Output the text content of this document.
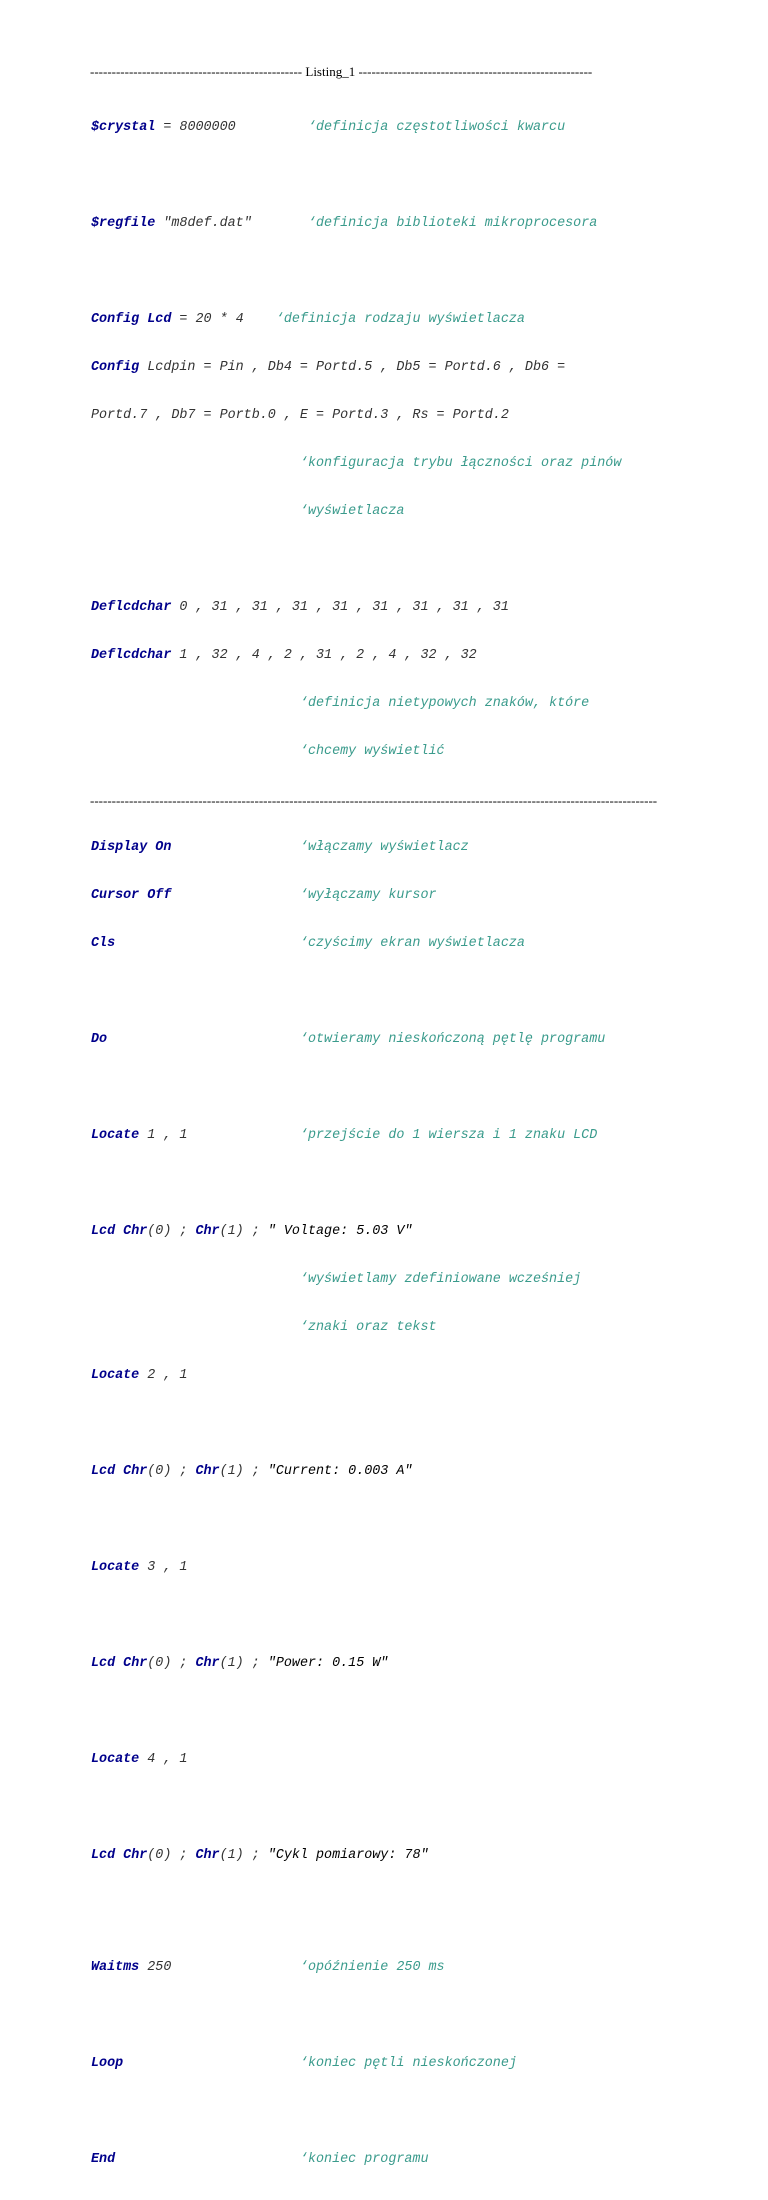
------------------------------------------------- Listing_1 ------------------------------------------------------

$crystal = 8000000	‘definicja częstotliwości kwarcu

$regfile "m8def.dat"	‘definicja biblioteki mikroprocesora

Config Lcd = 20 * 4 ‘definicja rodzaju wyświetlacza

Config Lcdpin = Pin , Db4 = Portd.5 , Db5 = Portd.6 , Db6 =

Portd.7 , Db7 = Portb.0 , E = Portd.3 , Rs = Portd.2

‘konfiguracja trybu łączności oraz pinów

‘wyświetlacza

Deflcdchar 0 , 31 , 31 , 31 , 31 , 31 , 31 , 31 , 31

Deflcdchar 1 , 32 , 4 , 2 , 31 , 2 , 4 , 32 , 32

‘definicja nietypowych znaków, które

‘chcemy wyświetlić

Display On	‘włączamy wyświetlacz

Cursor Off	‘wyłączamy kursor

Cls	‘czyścimy ekran wyświetlacza

Do	‘otwieramy nieskończoną pętlę programu

Locate 1 , 1	‘przejście do 1 wiersza i 1 znaku LCD

Lcd Chr(0) ; Chr(1) ; " Voltage: 5.03 V"

‘wyświetlamy zdefiniowane wcześniej

‘znaki oraz tekst

Locate 2 , 1

Lcd Chr(0) ; Chr(1) ; "Current: 0.003 A"

Locate 3 , 1

Lcd Chr(0) ; Chr(1) ; "Power: 0.15 W"

Locate 4 , 1

Lcd Chr(0) ; Chr(1) ; "Cykl pomiarowy: 78"

Waitms 250	‘opóźnienie 250 ms

Loop	‘koniec pętli nieskończonej

End	‘koniec programu

-----------------------------------------------------------------------------------------------------------------------------------
